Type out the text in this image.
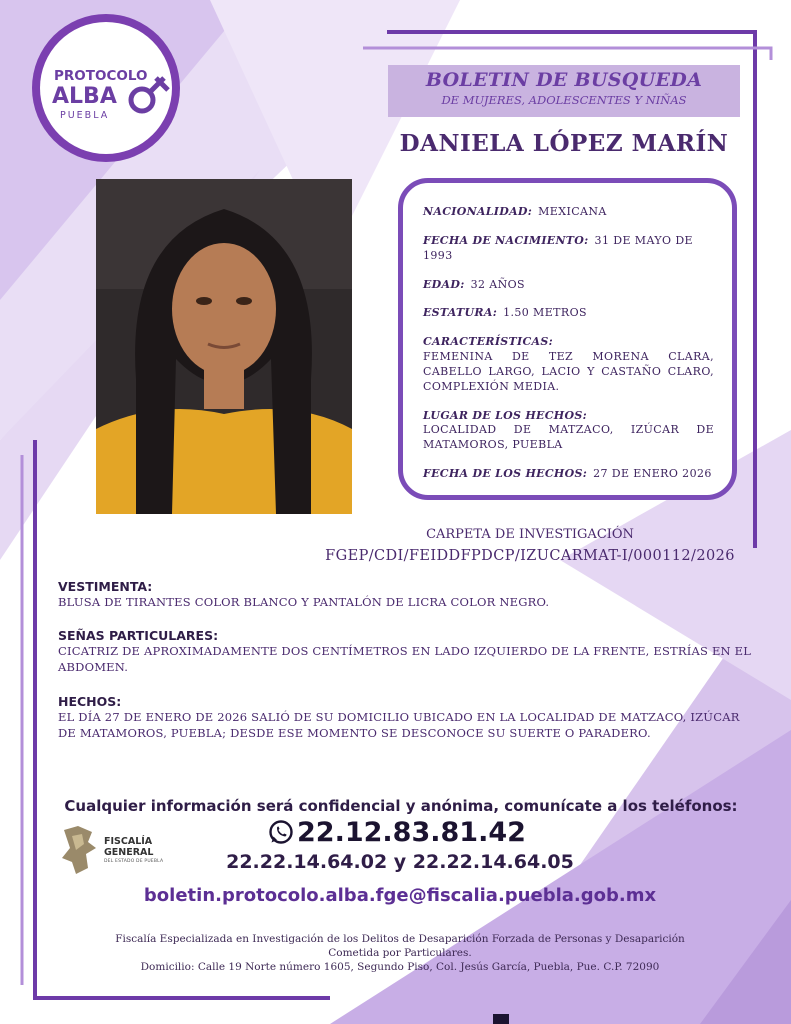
PROTOCOLO
ALBA
PUEBLA
BOLETIN DE BUSQUEDA
DE MUJERES, ADOLESCENTES Y NIÑAS
DANIELA LÓPEZ MARÍN
NACIONALIDAD: MEXICANA
FECHA DE NACIMIENTO: 31 DE MAYO DE 1993
EDAD: 32 AÑOS
ESTATURA: 1.50 METROS
CARACTERÍSTICAS:
FEMENINA DE TEZ MORENA CLARA, CABELLO LARGO, LACIO Y CASTAÑO CLARO, COMPLEXIÓN MEDIA.
LUGAR DE LOS HECHOS:
LOCALIDAD DE MATZACO, IZÚCAR DE MATAMOROS, PUEBLA
FECHA DE LOS HECHOS: 27 DE ENERO 2026
CARPETA DE INVESTIGACIÓN
FGEP/CDI/FEIDDFPDCP/IZUCARMAT-I/000112/2026
VESTIMENTA:
BLUSA DE TIRANTES COLOR BLANCO Y PANTALÓN DE LICRA COLOR NEGRO.
SEÑAS PARTICULARES:
CICATRIZ DE APROXIMADAMENTE DOS CENTÍMETROS EN LADO IZQUIERDO DE LA FRENTE, ESTRÍAS EN EL ABDOMEN.
HECHOS:
EL DÍA 27 DE ENERO DE 2026 SALIÓ DE SU DOMICILIO UBICADO EN LA LOCALIDAD DE MATZACO, IZÚCAR DE MATAMOROS, PUEBLA; DESDE ESE MOMENTO SE DESCONOCE SU SUERTE O PARADERO.
Cualquier información será confidencial y anónima, comunícate a los teléfonos:
FISCALÍA
GENERAL
DEL ESTADO DE PUEBLA
22.12.83.81.42
22.22.14.64.02 y 22.22.14.64.05
boletin.protocolo.alba.fge@fiscalia.puebla.gob.mx
Fiscalía Especializada en Investigación de los Delitos de Desaparición Forzada de Personas y Desaparición
Cometida por Particulares.
Domicilio: Calle 19 Norte número 1605, Segundo Piso, Col. Jesús García, Puebla, Pue. C.P. 72090
